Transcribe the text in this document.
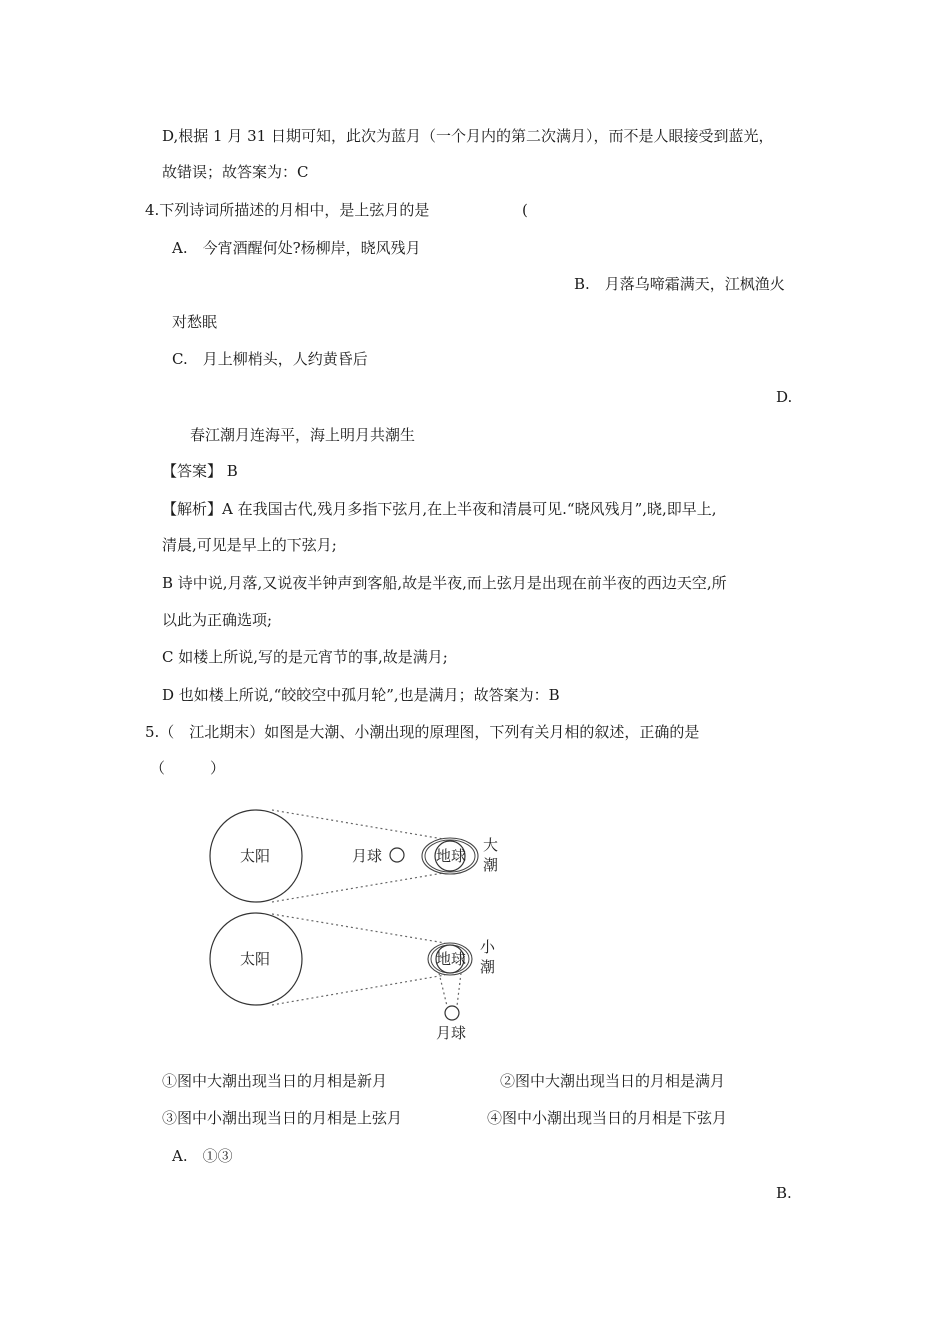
D,根据 1 月 31 日期可知，此次为蓝月（一个月内的第二次满月），而不是人眼接受到蓝光，
故错误；故答案为：C
4.下列诗词所描述的月相中，是上弦月的是	(
A.　今宵酒醒何处?杨柳岸，晓风残月
B.　月落乌啼霜满天，江枫渔火
对愁眠
C.　月上柳梢头，人约黄昏后
D.
春江潮月连海平，海上明月共潮生
【答案】 B
【解析】A 在我国古代,残月多指下弦月,在上半夜和清晨可见.“晓风残月”,晓,即早上,
清晨,可见是早上的下弦月;
B 诗中说,月落,又说夜半钟声到客船,故是半夜,而上弦月是出现在前半夜的西边天空,所
以此为正确选项;
C 如楼上所说,写的是元宵节的事,故是满月;
D 也如楼上所说,“皎皎空中孤月轮”,也是满月；故答案为：B
5.（　江北期末）如图是大潮、小潮出现的原理图，下列有关月相的叙述，正确的是
（　　　）
太阳	月球	地球
大
潮
太阳	地球
小
潮
月球
①图中大潮出现当日的月相是新月	②图中大潮出现当日的月相是满月
③图中小潮出现当日的月相是上弦月	④图中小潮出现当日的月相是下弦月
A.　①③
B.
